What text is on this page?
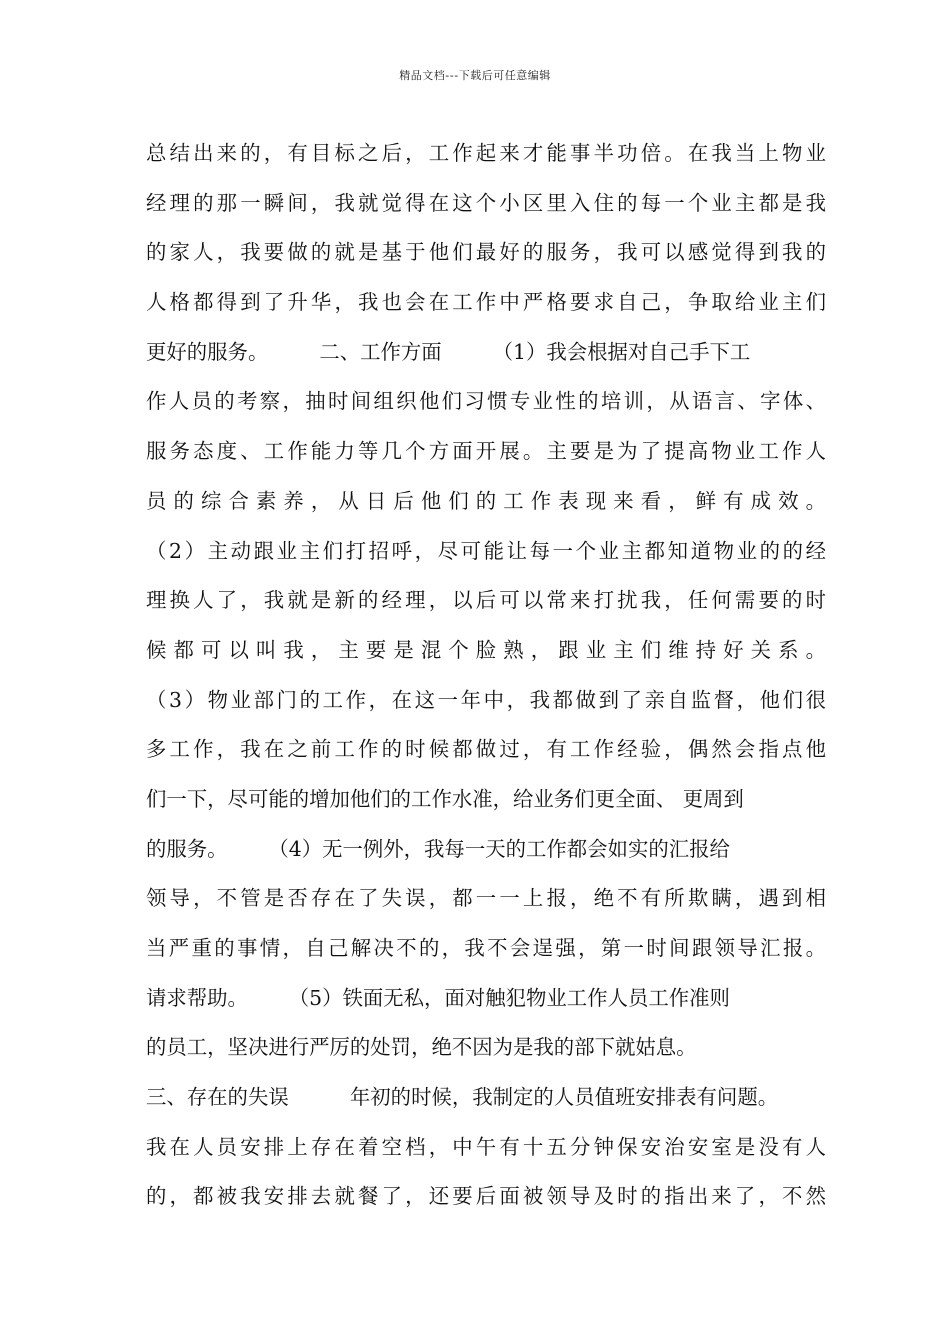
精品文档---下载后可任意编辑
总结出来的，有目标之后，工作起来才能事半功倍。在我当上物业
经理的那一瞬间，我就觉得在这个小区里入住的每一个业主都是我
的家人，我要做的就是基于他们最好的服务，我可以感觉得到我的
人格都得到了升华，我也会在工作中严格要求自己，争取给业主们
更好的服务。　　　二、工作方面　　　（1）我会根据对自己手下工
作人员的考察，抽时间组织他们习惯专业性的培训，从语言、字体、
服务态度、工作能力等几个方面开展。主要是为了提高物业工作人
员的综合素养，从日后他们的工作表现来看，鲜有成效。
（2）主动跟业主们打招呼，尽可能让每一个业主都知道物业的的经
理换人了，我就是新的经理，以后可以常来打扰我，任何需要的时
候都可以叫我，主要是混个脸熟，跟业主们维持好关系。
（3）物业部门的工作，在这一年中，我都做到了亲自监督，他们很
多工作，我在之前工作的时候都做过，有工作经验，偶然会指点他
们一下，尽可能的增加他们的工作水准，给业务们更全面、 更周到
的服务。　　　（4）无一例外，我每一天的工作都会如实的汇报给
领导，不管是否存在了失误，都一一上报，绝不有所欺瞒，遇到相
当严重的事情，自己解决不的，我不会逞强，第一时间跟领导汇报。
请求帮助。　　　（5）铁面无私，面对触犯物业工作人员工作准则
的员工，坚决进行严厉的处罚，绝不因为是我的部下就姑息。
三、存在的失误　　　年初的时候，我制定的人员值班安排表有问题。
我在人员安排上存在着空档，中午有十五分钟保安治安室是没有人
的，都被我安排去就餐了，还要后面被领导及时的指出来了，不然
